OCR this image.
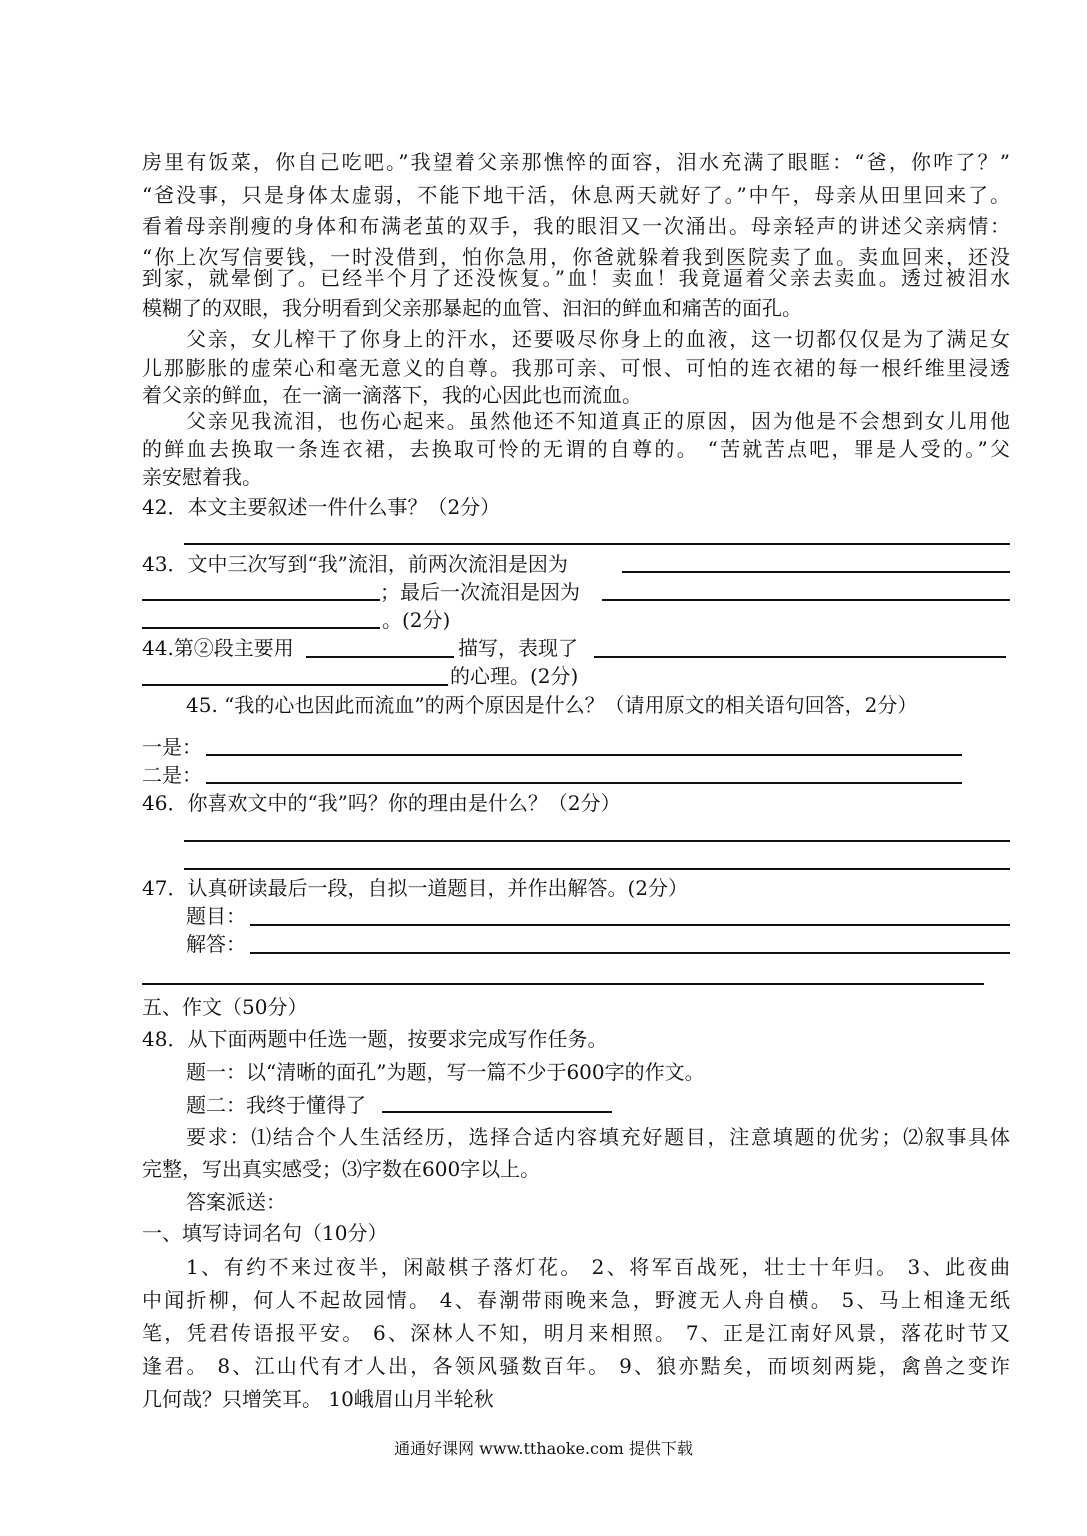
房里有饭菜，你自己吃吧。”我望着父亲那憔悴的面容，泪水充满了眼眶：“爸，你咋了？”
“爸没事，只是身体太虚弱，不能下地干活，休息两天就好了。”中午，母亲从田里回来了。
看着母亲削瘦的身体和布满老茧的双手，我的眼泪又一次涌出。母亲轻声的讲述父亲病情：
“你上次写信要钱，一时没借到，怕你急用，你爸就躲着我到医院卖了血。卖血回来，还没
到家，就晕倒了。已经半个月了还没恢复。”血！卖血！我竟逼着父亲去卖血。透过被泪水
模糊了的双眼，我分明看到父亲那暴起的血管、汩汩的鲜血和痛苦的面孔。
父亲，女儿榨干了你身上的汗水，还要吸尽你身上的血液，这一切都仅仅是为了满足女
儿那膨胀的虚荣心和毫无意义的自尊。我那可亲、可恨、可怕的连衣裙的每一根纤维里浸透
着父亲的鲜血，在一滴一滴落下，我的心因此也而流血。
父亲见我流泪，也伤心起来。虽然他还不知道真正的原因，因为他是不会想到女儿用他
的鲜血去换取一条连衣裙，去换取可怜的无谓的自尊的。 “苦就苦点吧，罪是人受的。”父
亲安慰着我。
42．本文主要叙述一件什么事？（2分）
43．文中三次写到“我”流泪，前两次流泪是因为
；最后一次流泪是因为
。(2分)
44.第②段主要用	描写，表现了
的心理。(2分)
45. “我的心也因此而流血”的两个原因是什么？（请用原文的相关语句回答，2分）
一是：
二是：
46．你喜欢文中的“我”吗？你的理由是什么？（2分）
47．认真研读最后一段，自拟一道题目，并作出解答。(2分）
题目：
解答：
五、作文（50分）
48．从下面两题中任选一题，按要求完成写作任务。
题一：以“清晰的面孔”为题，写一篇不少于600字的作文。
题二：我终于懂得了
要求：⑴结合个人生活经历，选择合适内容填充好题目，注意填题的优劣；⑵叙事具体
完整，写出真实感受；⑶字数在600字以上。
答案派送：
一、填写诗词名句（10分）
1、有约不来过夜半，闲敲棋子落灯花。 2、将军百战死，壮士十年归。 3、此夜曲
中闻折柳，何人不起故园情。 4、春潮带雨晚来急，野渡无人舟自横。 5、马上相逢无纸
笔，凭君传语报平安。 6、深林人不知，明月来相照。 7、正是江南好风景，落花时节又
逢君。 8、江山代有才人出，各领风骚数百年。 9、狼亦黠矣，而顷刻两毙，禽兽之变诈
几何哉？只增笑耳。 10峨眉山月半轮秋
通通好课网 www.tthaoke.com 提供下载
